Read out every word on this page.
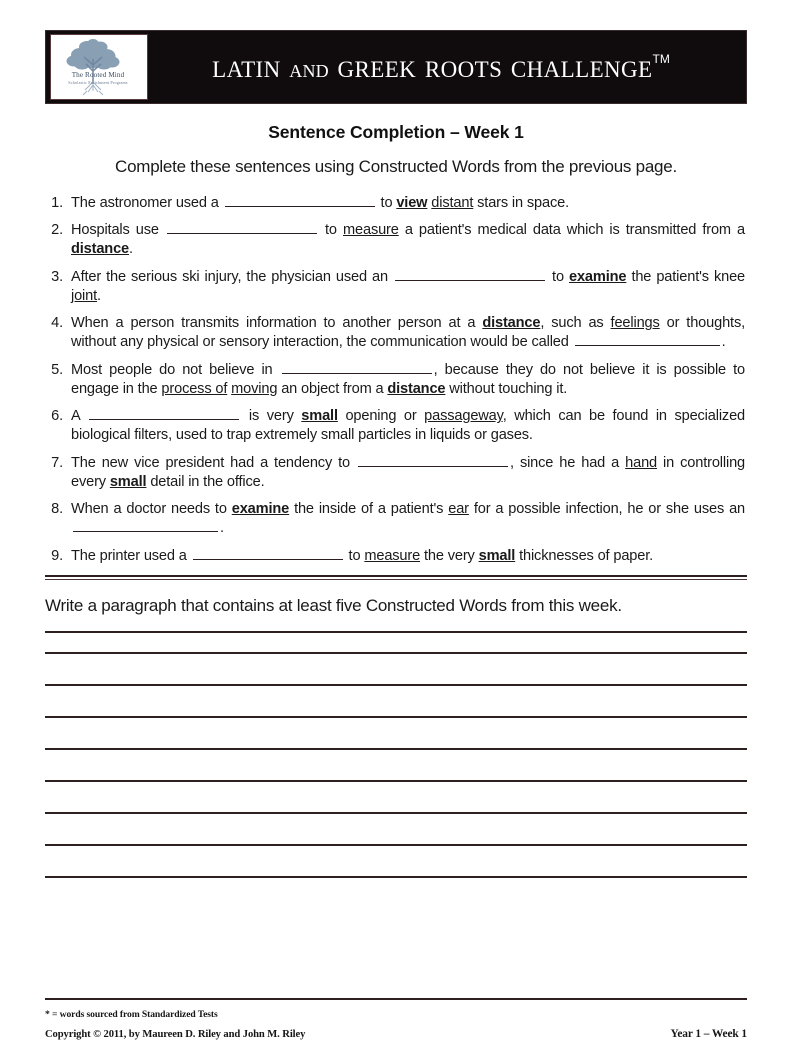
The Rooted Mind
Scholastic Enrichment Programs	latin and greek roots challenge™
Sentence Completion – Week 1
Complete these sentences using Constructed Words from the previous page.
1. The astronomer used a	to view distant stars in space.
2. Hospitals use	to measure a patient's medical data which is transmitted from a distance.
3. After the serious ski injury, the physician used an	to examine the patient's knee joint.
4. When a person transmits information to another person at a distance, such as feelings or thoughts, without any physical or sensory interaction, the communication would be called	.
5. Most people do not believe in	, because they do not believe it is possible to engage in the process of moving an object from a distance without touching it.
6. A	is very small opening or passageway, which can be found in specialized biological filters, used to trap extremely small particles in liquids or gases.
7. The new vice president had a tendency to	, since he had a hand in controlling every small detail in the office.
8. When a doctor needs to examine the inside of a patient's ear for a possible infection, he or she uses an .
9. The printer used a	to measure the very small thicknesses of paper.
Write a paragraph that contains at least five Constructed Words from this week.
* = words sourced from Standardized Tests
Copyright © 2011, by Maureen D. Riley and John M. Riley	Year 1 – Week 1
